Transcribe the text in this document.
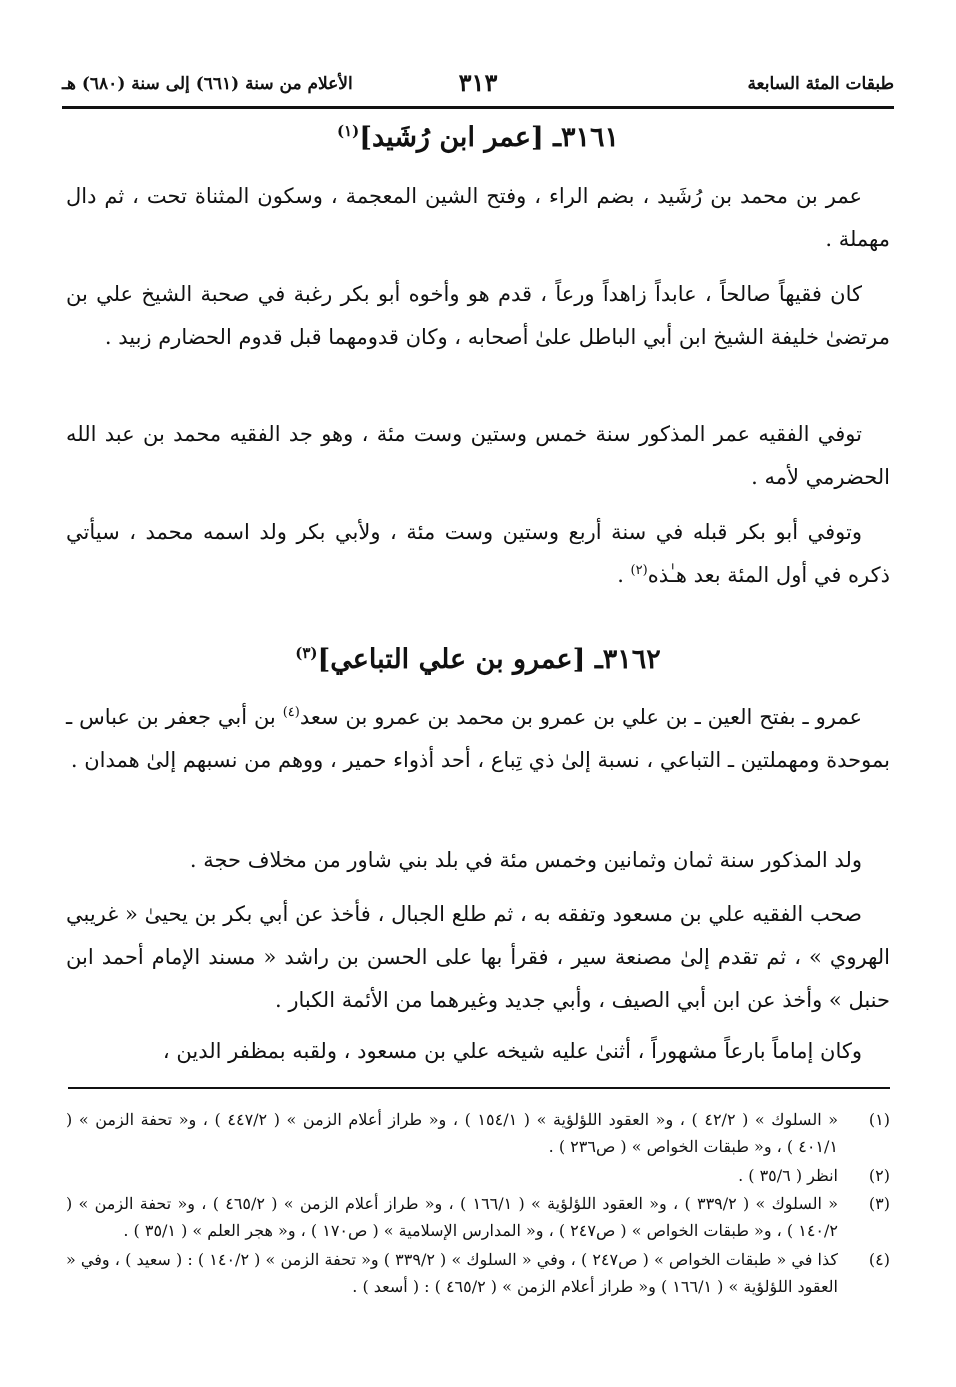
طبقات المئة السابعة
٣١٣
الأعلام من سنة (٦٦١) إلى سنة (٦٨٠) هـ
٣١٦١ـ [عمر ابن رُشَيد]$^{(١)}$
عمر بن محمد بن رُشَيد ، بضم الراء ، وفتح الشين المعجمة ، وسكون المثناة تحت ، ثم دال مهملة .
كان فقيهاً صالحاً ، عابداً زاهداً ورعاً ، قدم هو وأخوه أبو بكر رغبة في صحبة الشيخ علي بن مرتضىٰ خليفة الشيخ ابن أبي الباطل علىٰ أصحابه ، وكان قدومهما قبل قدوم الحضارم زبيد .
توفي الفقيه عمر المذكور سنة خمس وستين وست مئة ، وهو جد الفقيه محمد بن عبد الله الحضرمي لأمه .
وتوفي أبو بكر قبله في سنة أربع وستين وست مئة ، ولأبي بكر ولد اسمه محمد ، سيأتي ذكره في أول المئة بعد هـٰذه$^{(٢)}$ .
٣١٦٢ـ [عمرو بن علي التباعي]$^{(٣)}$
عمرو ـ بفتح العين ـ بن علي بن عمرو بن محمد بن عمرو بن سعد$^{(٤)}$ بن أبي جعفر بن عباس ـ بموحدة ومهملتين ـ التباعي ، نسبة إلىٰ ذي تِباع ، أحد أذواء حمير ، ووهم من نسبهم إلىٰ همدان .
ولد المذكور سنة ثمان وثمانين وخمس مئة في بلد بني شاور من مخلاف حجة .
صحب الفقيه علي بن مسعود وتفقه به ، ثم طلع الجبال ، فأخذ عن أبي بكر بن يحيىٰ « غريبي الهروي » ، ثم تقدم إلىٰ مصنعة سير ، فقرأ بها على الحسن بن راشد « مسند الإمام أحمد ابن حنبل » وأخذ عن ابن أبي الصيف ، وأبي جديد وغيرهما من الأئمة الكبار .
وكان إماماً بارعاً مشهوراً ، أثنىٰ عليه شيخه علي بن مسعود ، ولقبه بمظفر الدين ،
(١)
« السلوك » ( ٤٢/٢ ) ، و« العقود اللؤلؤية » ( ١٥٤/١ ) ، و« طراز أعلام الزمن » ( ٤٤٧/٢ ) ، و« تحفة الزمن » ( ٤٠١/١ ) ، و« طبقات الخواص » ( ص٢٣٦ ) .
(٢)
انظر ( ٣٥/٦ ) .
(٣)
« السلوك » ( ٣٣٩/٢ ) ، و« العقود اللؤلؤية » ( ١٦٦/١ ) ، و« طراز أعلام الزمن » ( ٤٦٥/٢ ) ، و« تحفة الزمن » ( ١٤٠/٢ ) ، و« طبقات الخواص » ( ص٢٤٧ ) ، و« المدارس الإسلامية » ( ص١٧٠ ) ، و« هجر العلم » ( ٣٥/١ ) .
(٤)
كذا في « طبقات الخواص » ( ص٢٤٧ ) ، وفي « السلوك » ( ٣٣٩/٢ ) و« تحفة الزمن » ( ١٤٠/٢ ) : ( سعيد ) ، وفي « العقود اللؤلؤية » ( ١٦٦/١ ) و« طراز أعلام الزمن » ( ٤٦٥/٢ ) : ( أسعد ) .
